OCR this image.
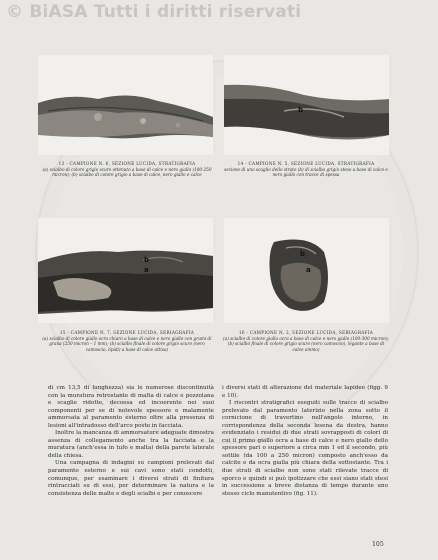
© BiASA Tutti i diritti riservati
b
13 - CAMPIONE N. 6, SEZIONE LUCIDA, STRATIGRAFIA
(a) scialbo di colore grigio scuro ottenuto a base di calce e nero giallo (100-250 micron); (b) scialbo di colore grigio a base di calce, nero giallo e calce
14 - CAMPIONE N. 5, SEZIONE LUCIDA, STRATIGRAFIA
sezione di uno scaglio dello strato (b) di scialbo grigio steso a base di calce e nero giallo con tracce di spessa
b
a
b
a
15 - CAMPIONE N. 7, SEZIONE LUCIDA, SERIAGRAFIA
(a) scialbo di colore giallo ocra chiaro a base di calce e nero giallo con grumi di grana (250 micron – 1 mm); (b) scialbo finale di colore grigio scuro (nero camoscio, lipidi) a base di calce attiva)
16 - CAMPIONE N. 2, SEZIONE LUCIDA, SERIAGRAFIA
(a) scialbo di colore giallo ocra a base di calce e nero giallo (100-300 micron); (b) scialbo finale di colore grigio scuro (nero camoscio), legante a base di calce ammo)

di cm 13,5 di lunghezza) sia le numerose discontinuità con la muratura retrostante di malta di calce e pozzolana e scaglie ridotte, decoesa ed incoerente nei suoi componenti per se di notevole spessore e malamente ammorsata al paramento esterno oltre alla presenza di lesioni all'intradosso dell'arco posto in facciata.

Inoltre la mancanza di ammorsature adeguate dimostra assenza di collegamento anche tra la facciata e la muratura (anch'essa in tufo e malta) della parete laterale della chiesa.

Una campagna di indagini su campioni prelevati dal paramento esterno e sui cavi sono stati condotti, comunque, per esaminare i diversi strati di finitura rintracciati su di essi, per determinare la natura e la consistenza delle malte e degli scialbi e per conoscere

i diversi stati di alterazione del materiale lapideo (figg. 9 e 10).

I riscontri stratigrafici eseguiti sulle tracce di scialbo prelevato dal paramento laterizio nella zona sotto il cornicione di travertino nell'angolo interno, in corrispondenza della seconda lesena da destra, hanno evidenziato i residui di due strati sovrapposti di colori di cui il primo giallo ocra a base di calce e nero giallo dello spessore pari o superiore a circa mm 1 ed il secondo, più sottile (da 100 a 250 micron) composto anch'esso da calcite e da ocra gialla più chiara della sottostante. Tra i due strati di scialbo non sono stati rilevate tracce di sporco e quindi si può ipotizzare che essi siano stati stesi in successione a breve distanza di tempo durante uno stesso ciclo manutentivo (fig. 11).

105
